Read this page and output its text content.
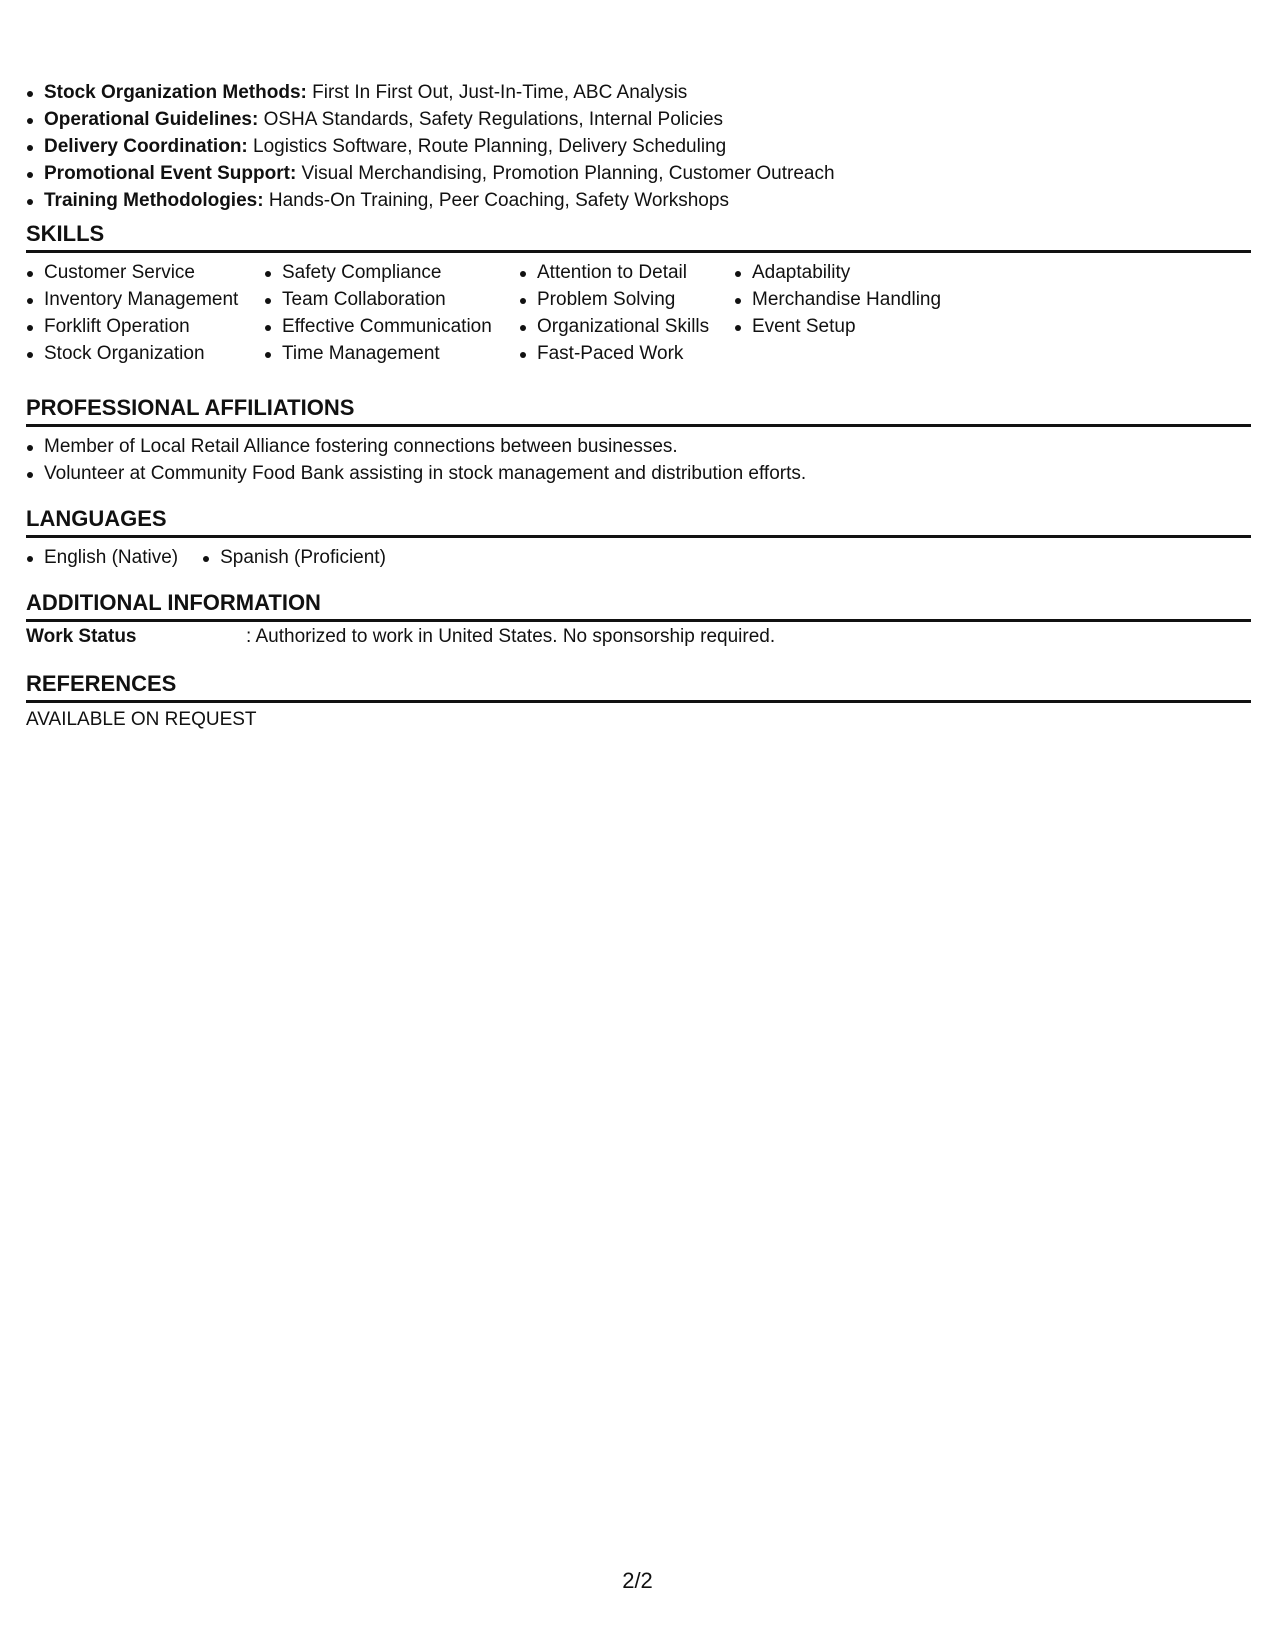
Stock Organization Methods: First In First Out, Just-In-Time, ABC Analysis
Operational Guidelines: OSHA Standards, Safety Regulations, Internal Policies
Delivery Coordination: Logistics Software, Route Planning, Delivery Scheduling
Promotional Event Support: Visual Merchandising, Promotion Planning, Customer Outreach
Training Methodologies: Hands-On Training, Peer Coaching, Safety Workshops
SKILLS
Customer Service
Inventory Management
Forklift Operation
Stock Organization
Safety Compliance
Team Collaboration
Effective Communication
Time Management
Attention to Detail
Problem Solving
Organizational Skills
Fast-Paced Work
Adaptability
Merchandise Handling
Event Setup
PROFESSIONAL AFFILIATIONS
Member of Local Retail Alliance fostering connections between businesses.
Volunteer at Community Food Bank assisting in stock management and distribution efforts.
LANGUAGES
English (Native)	Spanish (Proficient)
ADDITIONAL INFORMATION
Work Status	: Authorized to work in United States. No sponsorship required.
REFERENCES
AVAILABLE ON REQUEST
2/2
